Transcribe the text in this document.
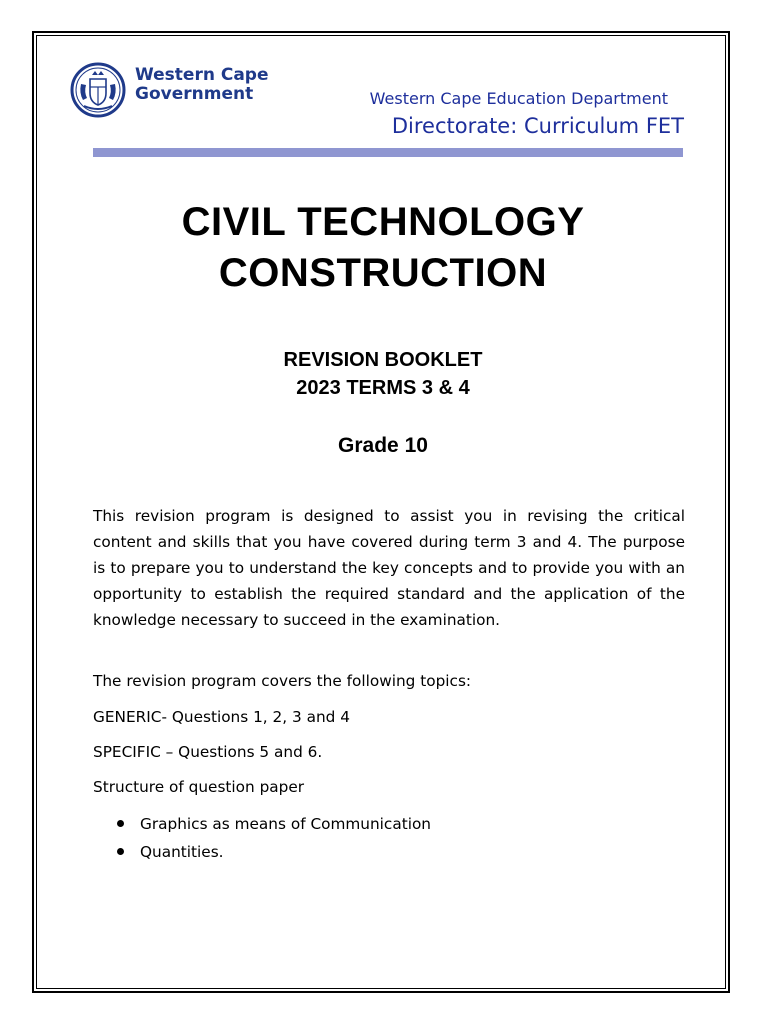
Western Cape
Government	Western Cape Education Department
Directorate: Curriculum FET
CIVIL TECHNOLOGY
CONSTRUCTION
REVISION BOOKLET
2023 TERMS 3 & 4
Grade 10
This revision program is designed to assist you in revising the critical content and skills that you have covered during term 3 and 4. The purpose is to prepare you to understand the key concepts and to provide you with an opportunity to establish the required standard and the application of the knowledge necessary to succeed in the examination.
The revision program covers the following topics:
GENERIC- Questions 1, 2, 3 and 4
SPECIFIC – Questions 5 and 6.
Structure of question paper
Graphics as means of Communication
Quantities.
